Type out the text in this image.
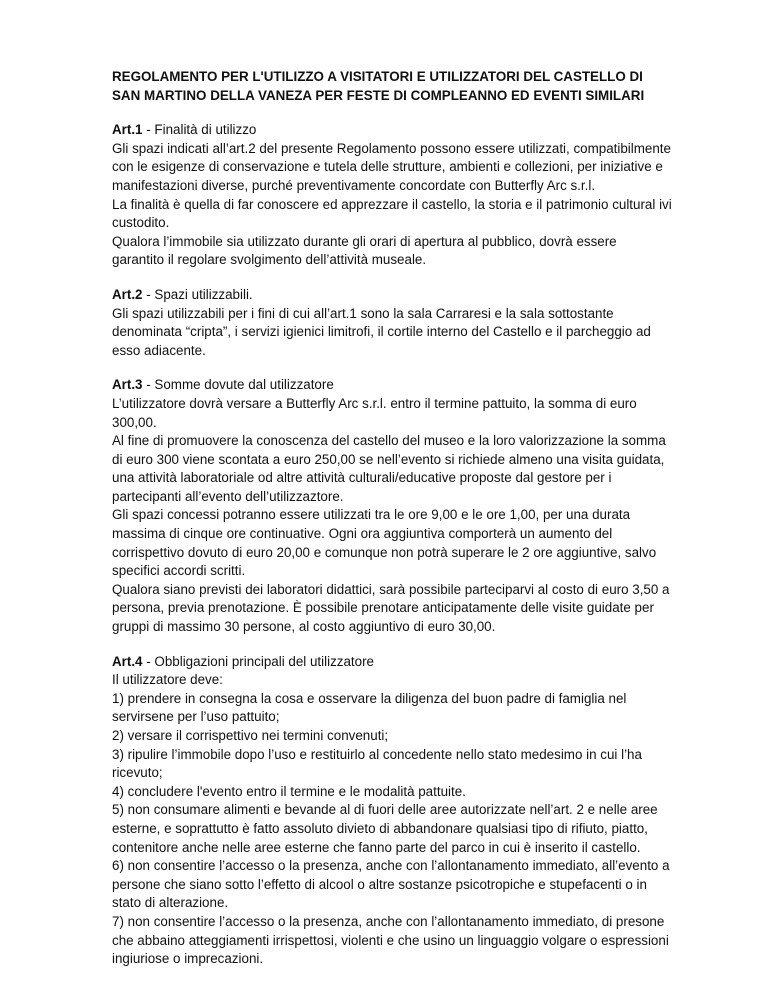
REGOLAMENTO PER L'UTILIZZO A VISITATORI E UTILIZZATORI DEL CASTELLO DI SAN MARTINO DELLA VANEZA PER FESTE DI COMPLEANNO ED EVENTI SIMILARI
Art.1 - Finalità di utilizzo
Gli spazi indicati all’art.2 del presente Regolamento possono essere utilizzati, compatibilmente con le esigenze di conservazione e tutela delle strutture, ambienti e collezioni, per iniziative e manifestazioni diverse, purché preventivamente concordate con Butterfly Arc s.r.l.
La finalità è quella di far conoscere ed apprezzare il castello, la storia e il patrimonio cultural ivi custodito.
Qualora l’immobile sia utilizzato durante gli orari di apertura al pubblico, dovrà essere garantito il regolare svolgimento dell’attività museale.
Art.2 - Spazi utilizzabili.
Gli spazi utilizzabili per i fini di cui all’art.1 sono la sala Carraresi e la sala sottostante denominata “cripta”, i servizi igienici limitrofi, il cortile interno del Castello e il parcheggio ad esso adiacente.
Art.3 - Somme dovute dal utilizzatore
L’utilizzatore dovrà versare a Butterfly Arc s.r.l. entro il termine pattuito, la somma di euro 300,00.
Al fine di promuovere la conoscenza del castello del museo e la loro valorizzazione la somma di euro 300 viene scontata a euro 250,00 se nell’evento si richiede almeno una visita guidata, una attività laboratoriale od altre attività culturali/educative proposte dal gestore per i partecipanti all’evento dell’utilizzaztore.
Gli spazi concessi potranno essere utilizzati tra le ore 9,00 e le ore 1,00, per una durata massima di cinque ore continuative. Ogni ora aggiuntiva comporterà un aumento del corrispettivo dovuto di euro 20,00 e comunque non potrà superare le 2 ore aggiuntive, salvo specifici accordi scritti.
Qualora siano previsti dei laboratori didattici, sarà possibile parteciparvi al costo di euro 3,50 a persona, previa prenotazione. È possibile prenotare anticipatamente delle visite guidate per gruppi di massimo 30 persone, al costo aggiuntivo di euro 30,00.
Art.4 - Obbligazioni principali del utilizzatore
Il utilizzatore deve:
1) prendere in consegna la cosa e osservare la diligenza del buon padre di famiglia nel servirsene per l’uso pattuito;
2) versare il corrispettivo nei termini convenuti;
3) ripulire l’immobile dopo l’uso e restituirlo al concedente nello stato medesimo in cui l’ha ricevuto;
4) concludere l'evento entro il termine e le modalità pattuite.
5) non consumare alimenti e bevande al di fuori delle aree autorizzate nell’art. 2 e nelle aree esterne, e soprattutto è fatto assoluto divieto di abbandonare qualsiasi tipo di rifiuto, piatto, contenitore anche nelle aree esterne che fanno parte del parco in cui è inserito il castello.
6) non consentire l’accesso o la presenza, anche con l’allontanamento immediato, all’evento a persone che siano sotto l’effetto di alcool o altre sostanze psicotropiche e stupefacenti o in stato di alterazione.
7) non consentire l’accesso o la presenza, anche con l’allontanamento immediato, di presone che abbaino atteggiamenti irrispettosi, violenti e che usino un linguaggio volgare o espressioni ingiuriose o imprecazioni.
